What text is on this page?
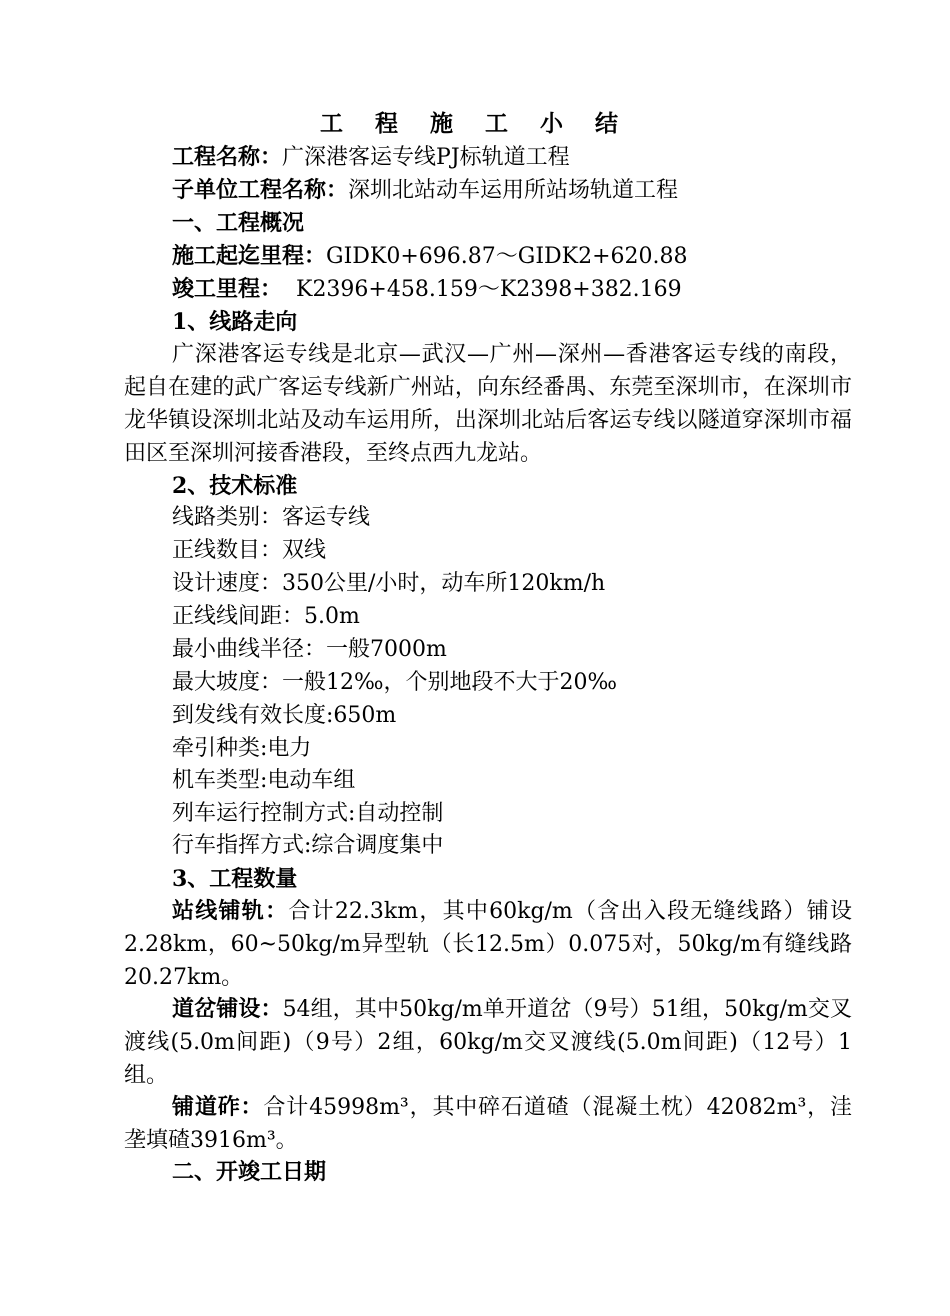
工 程 施 工 小 结
工程名称：广深港客运专线PJ标轨道工程
子单位工程名称：深圳北站动车运用所站场轨道工程
一、工程概况
施工起迄里程：GIDK0+696.87～GIDK2+620.88
竣工里程：  K2396+458.159～K2398+382.169
1、线路走向
广深港客运专线是北京—武汉—广州—深州—香港客运专线的南段，起自在建的武广客运专线新广州站，向东经番禺、东莞至深圳市，在深圳市龙华镇设深圳北站及动车运用所，出深圳北站后客运专线以隧道穿深圳市福田区至深圳河接香港段，至终点西九龙站。
2、技术标准
线路类别：客运专线
正线数目：双线
设计速度：350公里/小时，动车所120km/h
正线线间距：5.0m
最小曲线半径：一般7000m
最大坡度：一般12‰，个别地段不大于20‰
到发线有效长度:650m
牵引种类:电力
机车类型:电动车组
列车运行控制方式:自动控制
行车指挥方式:综合调度集中
3、工程数量
站线铺轨：合计22.3km，其中60kg/m（含出入段无缝线路）铺设2.28km，60~50kg/m异型轨（长12.5m）0.075对，50kg/m有缝线路20.27km。
道岔铺设：54组，其中50kg/m单开道岔（9号）51组，50kg/m交叉渡线(5.0m间距)（9号）2组，60kg/m交叉渡线(5.0m间距)（12号）1组。
铺道砟：合计45998m³，其中碎石道碴（混凝土枕）42082m³，洼垄填碴3916m³。
二、开竣工日期
